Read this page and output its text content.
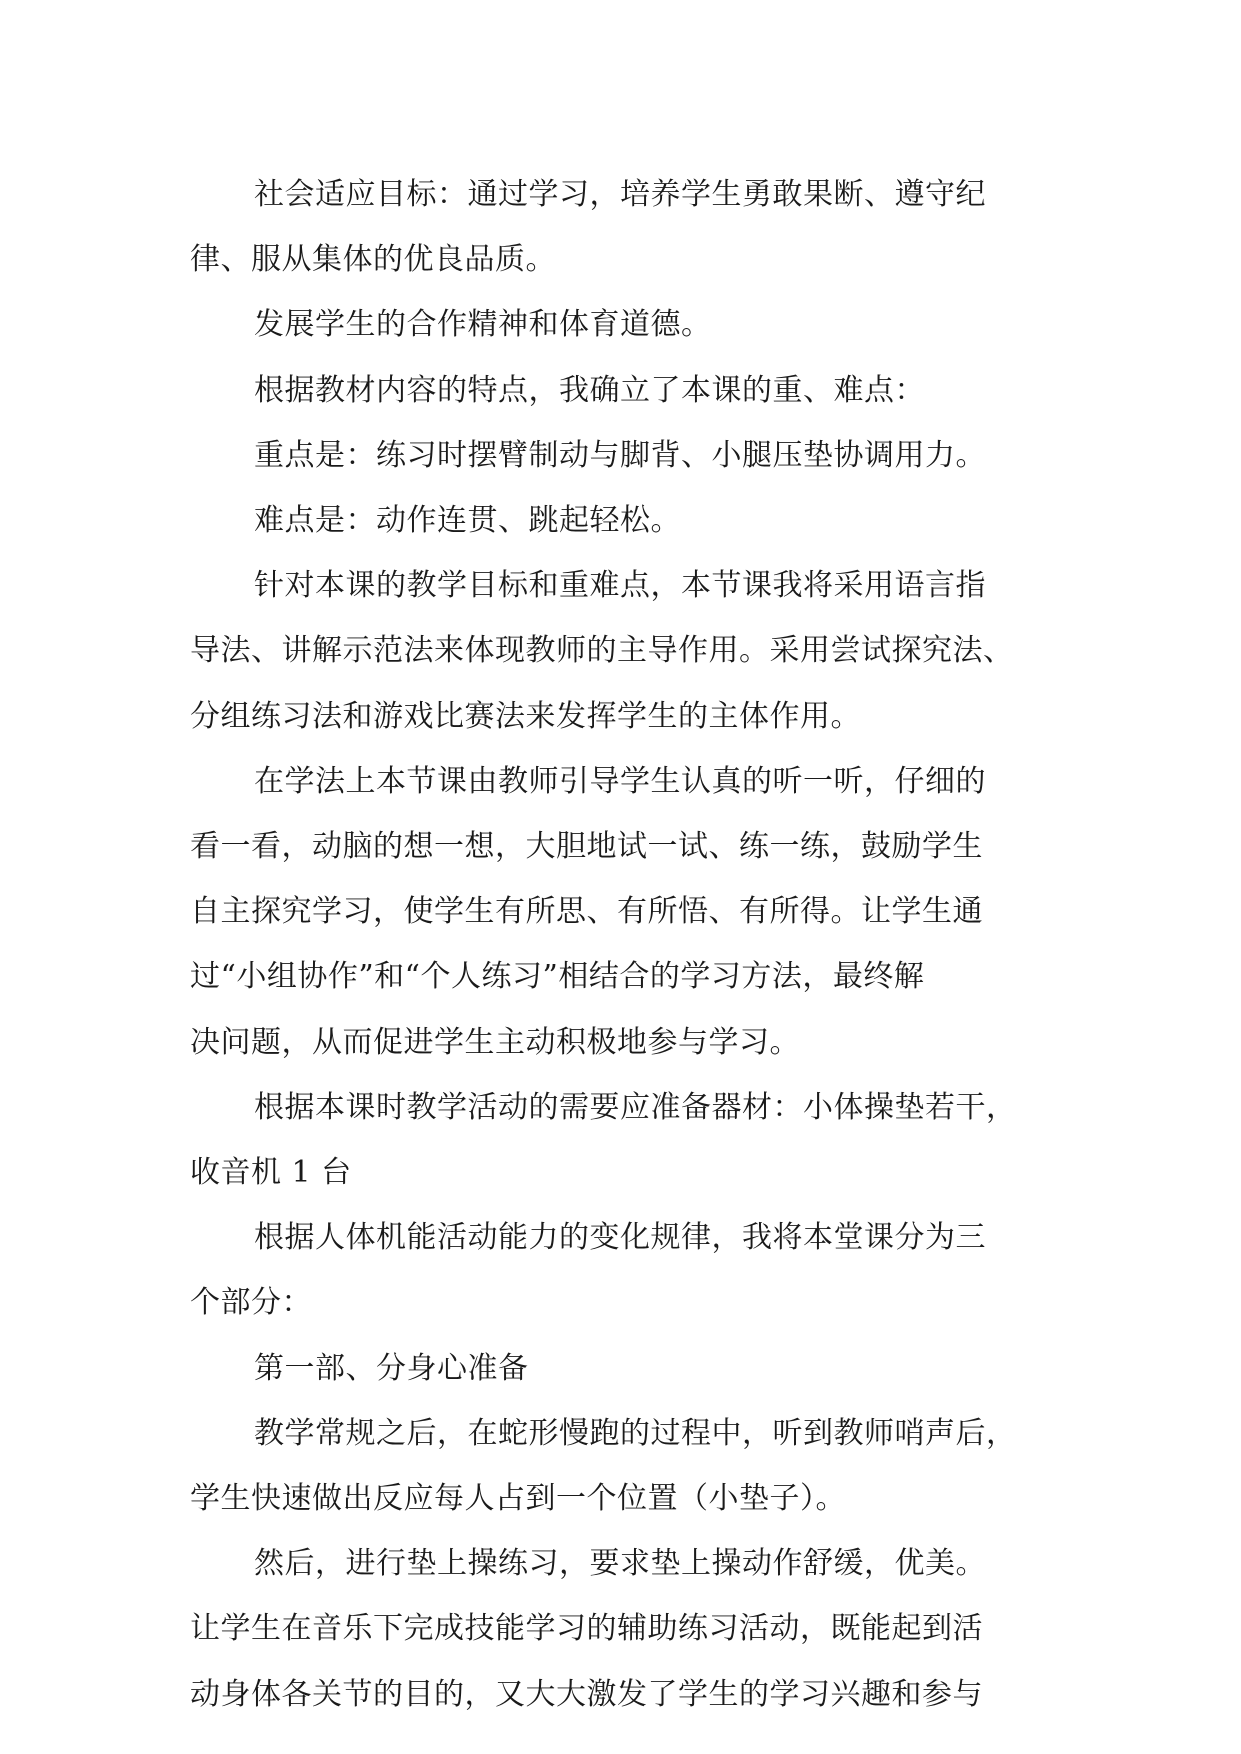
社会适应目标：通过学习，培养学生勇敢果断、遵守纪
律、服从集体的优良品质。
发展学生的合作精神和体育道德。
根据教材内容的特点，我确立了本课的重、难点：
重点是：练习时摆臂制动与脚背、小腿压垫协调用力。
难点是：动作连贯、跳起轻松。
针对本课的教学目标和重难点，本节课我将采用语言指
导法、讲解示范法来体现教师的主导作用。采用尝试探究法、
分组练习法和游戏比赛法来发挥学生的主体作用。
在学法上本节课由教师引导学生认真的听一听，仔细的
看一看，动脑的想一想，大胆地试一试、练一练，鼓励学生
自主探究学习，使学生有所思、有所悟、有所得。让学生通
过“小组协作”和“个人练习”相结合的学习方法，最终解
决问题，从而促进学生主动积极地参与学习。
根据本课时教学活动的需要应准备器材：小体操垫若干，
收音机 1 台
根据人体机能活动能力的变化规律，我将本堂课分为三
个部分：
第一部、分身心准备
教学常规之后，在蛇形慢跑的过程中，听到教师哨声后，
学生快速做出反应每人占到一个位置（小垫子）。
然后，进行垫上操练习，要求垫上操动作舒缓，优美。
让学生在音乐下完成技能学习的辅助练习活动，既能起到活
动身体各关节的目的，又大大激发了学生的学习兴趣和参与
